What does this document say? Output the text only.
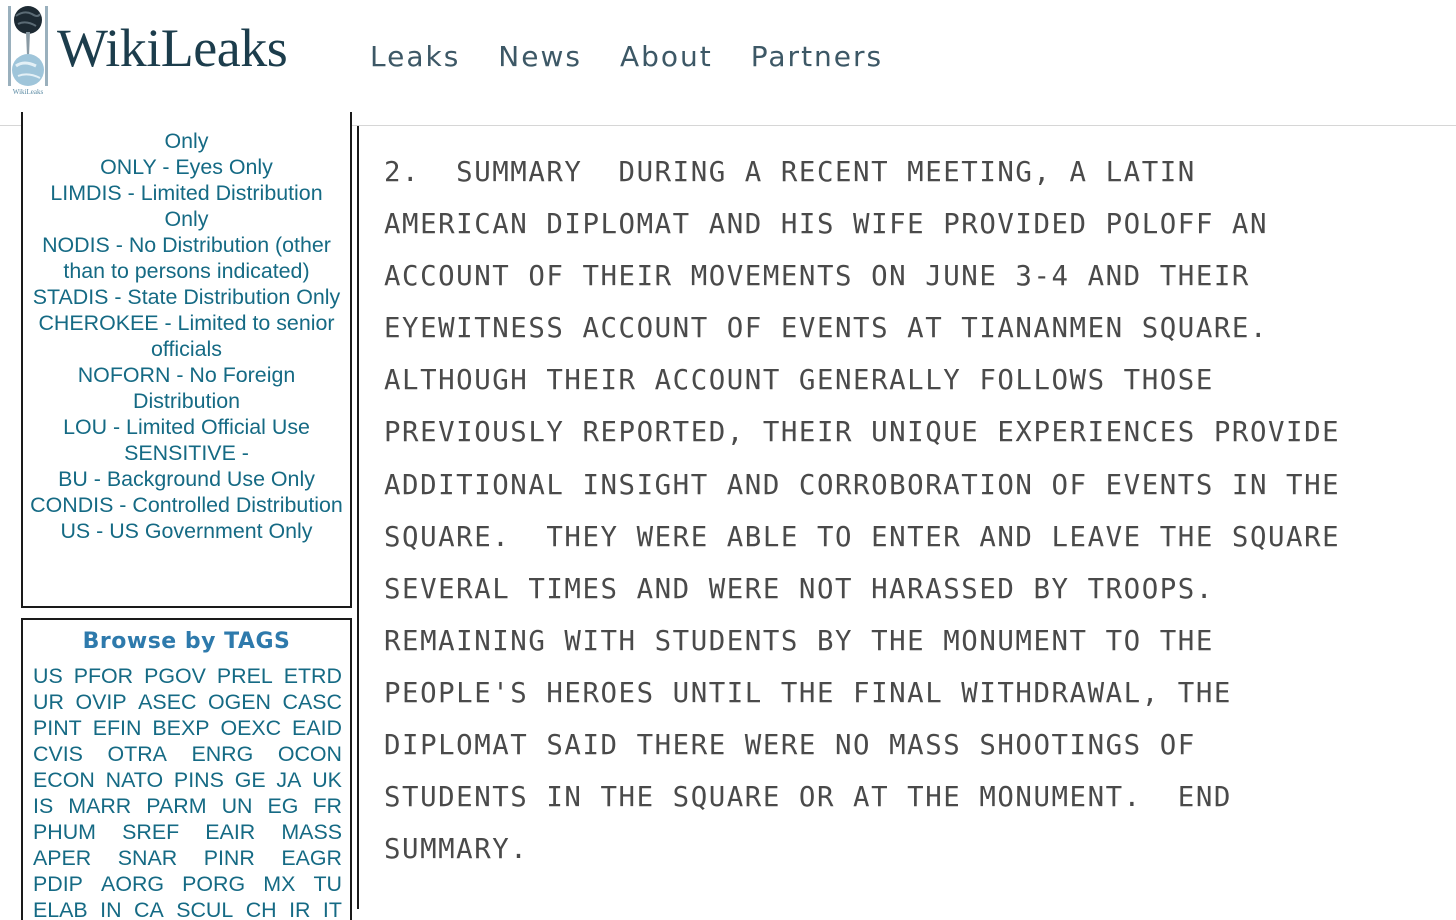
WikiLeaks
WikiLeaks	Leaks News About Partners
Only
ONLY - Eyes Only
LIMDIS - Limited Distribution Only
NODIS - No Distribution (other than to persons indicated)
STADIS - State Distribution Only
CHEROKEE - Limited to senior officials
NOFORN - No Foreign Distribution
LOU - Limited Official Use
SENSITIVE -
BU - Background Use Only
CONDIS - Controlled Distribution
US - US Government Only
Browse by TAGS
US PFOR PGOV PREL ETRD
UR OVIP ASEC OGEN CASC
PINT EFIN BEXP OEXC EAID
CVIS OTRA ENRG OCON
ECON NATO PINS GE JA UK
IS MARR PARM UN EG FR
PHUM SREF EAIR MASS
APER SNAR PINR EAGR
PDIP AORG PORG MX TU
ELAB IN CA SCUL CH IR IT
2.  SUMMARY  DURING A RECENT MEETING, A LATIN
AMERICAN DIPLOMAT AND HIS WIFE PROVIDED POLOFF AN
ACCOUNT OF THEIR MOVEMENTS ON JUNE 3-4 AND THEIR
EYEWITNESS ACCOUNT OF EVENTS AT TIANANMEN SQUARE.
ALTHOUGH THEIR ACCOUNT GENERALLY FOLLOWS THOSE
PREVIOUSLY REPORTED, THEIR UNIQUE EXPERIENCES PROVIDE
ADDITIONAL INSIGHT AND CORROBORATION OF EVENTS IN THE
SQUARE.  THEY WERE ABLE TO ENTER AND LEAVE THE SQUARE
SEVERAL TIMES AND WERE NOT HARASSED BY TROOPS.
REMAINING WITH STUDENTS BY THE MONUMENT TO THE
PEOPLE'S HEROES UNTIL THE FINAL WITHDRAWAL, THE
DIPLOMAT SAID THERE WERE NO MASS SHOOTINGS OF
STUDENTS IN THE SQUARE OR AT THE MONUMENT.  END
SUMMARY.
